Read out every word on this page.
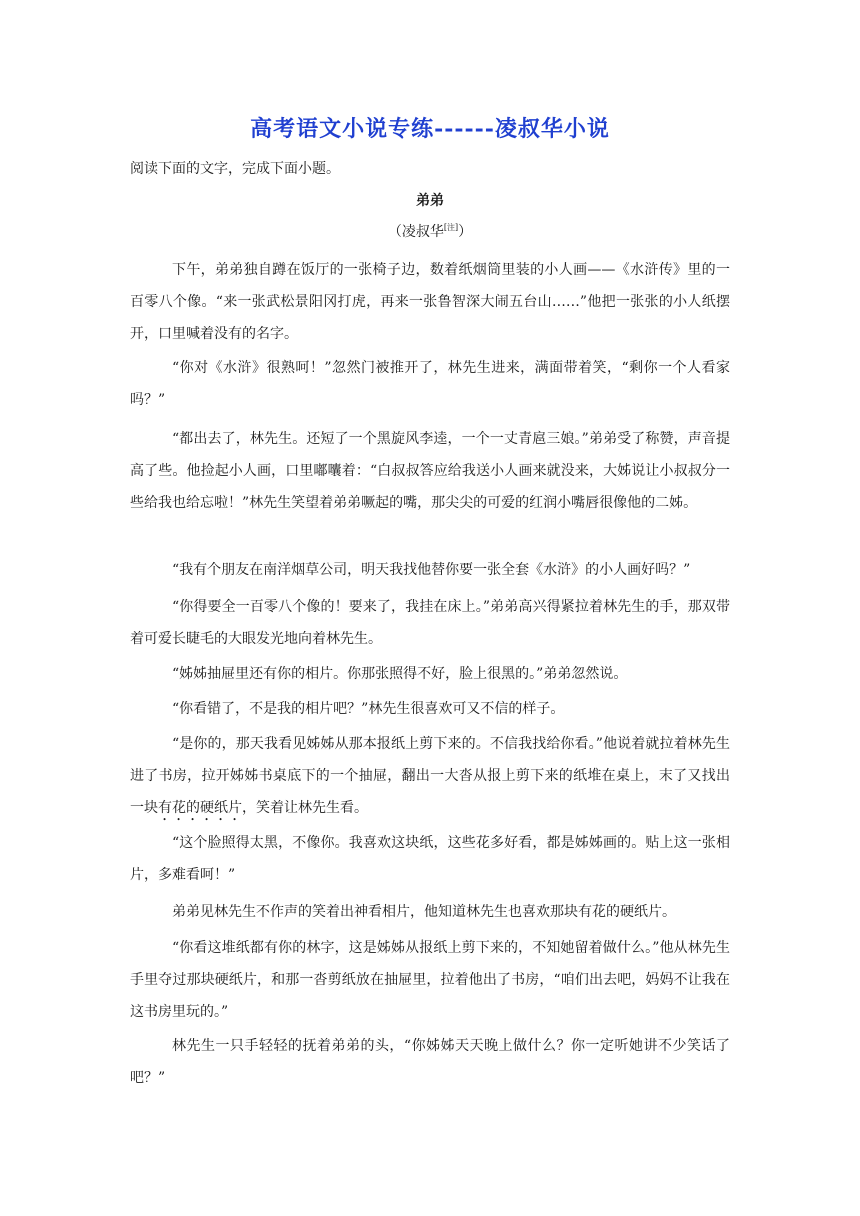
高考语文小说专练------凌叔华小说
阅读下面的文字，完成下面小题。
弟弟
（凌叔华[注]）

下午，弟弟独自蹲在饭厅的一张椅子边，数着纸烟筒里装的小人画——《水浒传》里的一百零八个像。“来一张武松景阳冈打虎，再来一张鲁智深大闹五台山……”他把一张张的小人纸摆开，口里喊着没有的名字。

“你对《水浒》很熟呵！”忽然门被推开了，林先生进来，满面带着笑，“剩你一个人看家吗？”

“都出去了，林先生。还短了一个黑旋风李逵，一个一丈青扈三娘。”弟弟受了称赞，声音提高了些。他捡起小人画，口里嘟囔着：“白叔叔答应给我送小人画来就没来，大姊说让小叔叔分一些给我也给忘啦！”林先生笑望着弟弟噘起的嘴，那尖尖的可爱的红润小嘴唇很像他的二姊。

“我有个朋友在南洋烟草公司，明天我找他替你要一张全套《水浒》的小人画好吗？”

“你得要全一百零八个像的！要来了，我挂在床上。”弟弟高兴得紧拉着林先生的手，那双带着可爱长睫毛的大眼发光地向着林先生。

“姊姊抽屉里还有你的相片。你那张照得不好，脸上很黑的。”弟弟忽然说。

“你看错了，不是我的相片吧？”林先生很喜欢可又不信的样子。

“是你的，那天我看见姊姊从那本报纸上剪下来的。不信我找给你看。”他说着就拉着林先生进了书房，拉开姊姊书桌底下的一个抽屉，翻出一大沓从报上剪下来的纸堆在桌上，末了又找出一块有花的硬纸片，笑着让林先生看。

“这个脸照得太黑，不像你。我喜欢这块纸，这些花多好看，都是姊姊画的。贴上这一张相片，多难看呵！”

弟弟见林先生不作声的笑着出神看相片，他知道林先生也喜欢那块有花的硬纸片。

“你看这堆纸都有你的林字，这是姊姊从报纸上剪下来的，不知她留着做什么。”他从林先生手里夺过那块硬纸片，和那一沓剪纸放在抽屉里，拉着他出了书房，“咱们出去吧，妈妈不让我在这书房里玩的。”

林先生一只手轻轻的抚着弟弟的头，“你姊姊天天晚上做什么？你一定听她讲不少笑话了吧？”
